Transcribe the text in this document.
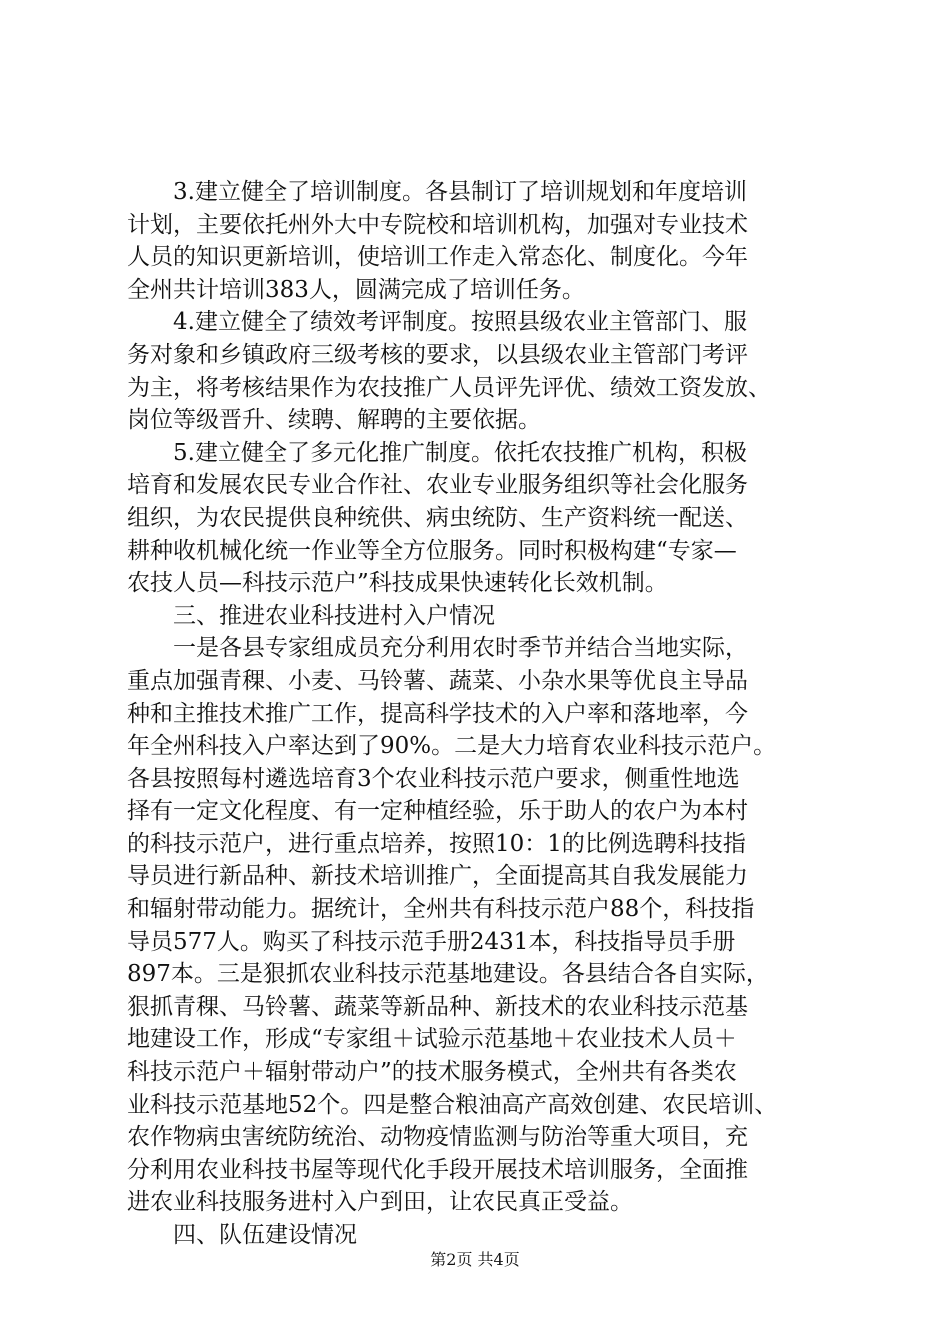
3.建立健全了培训制度。各县制订了培训规划和年度培训
计划，主要依托州外大中专院校和培训机构，加强对专业技术
人员的知识更新培训，使培训工作走入常态化、制度化。今年
全州共计培训383人，圆满完成了培训任务。
4.建立健全了绩效考评制度。按照县级农业主管部门、服
务对象和乡镇政府三级考核的要求，以县级农业主管部门考评
为主，将考核结果作为农技推广人员评先评优、绩效工资发放、
岗位等级晋升、续聘、解聘的主要依据。
5.建立健全了多元化推广制度。依托农技推广机构，积极
培育和发展农民专业合作社、农业专业服务组织等社会化服务
组织，为农民提供良种统供、病虫统防、生产资料统一配送、
耕种收机械化统一作业等全方位服务。同时积极构建“专家—
农技人员—科技示范户”科技成果快速转化长效机制。
三、推进农业科技进村入户情况
一是各县专家组成员充分利用农时季节并结合当地实际，
重点加强青稞、小麦、马铃薯、蔬菜、小杂水果等优良主导品
种和主推技术推广工作，提高科学技术的入户率和落地率，今
年全州科技入户率达到了90%。二是大力培育农业科技示范户。
各县按照每村遴选培育3个农业科技示范户要求，侧重性地选
择有一定文化程度、有一定种植经验，乐于助人的农户为本村
的科技示范户，进行重点培养，按照10：1的比例选聘科技指
导员进行新品种、新技术培训推广，全面提高其自我发展能力
和辐射带动能力。据统计，全州共有科技示范户88个，科技指
导员577人。购买了科技示范手册2431本，科技指导员手册
897本。三是狠抓农业科技示范基地建设。各县结合各自实际，
狠抓青稞、马铃薯、蔬菜等新品种、新技术的农业科技示范基
地建设工作，形成“专家组＋试验示范基地＋农业技术人员＋
科技示范户＋辐射带动户”的技术服务模式，全州共有各类农
业科技示范基地52个。四是整合粮油高产高效创建、农民培训、
农作物病虫害统防统治、动物疫情监测与防治等重大项目，充
分利用农业科技书屋等现代化手段开展技术培训服务，全面推
进农业科技服务进村入户到田，让农民真正受益。
四、队伍建设情况
第2页 共4页
